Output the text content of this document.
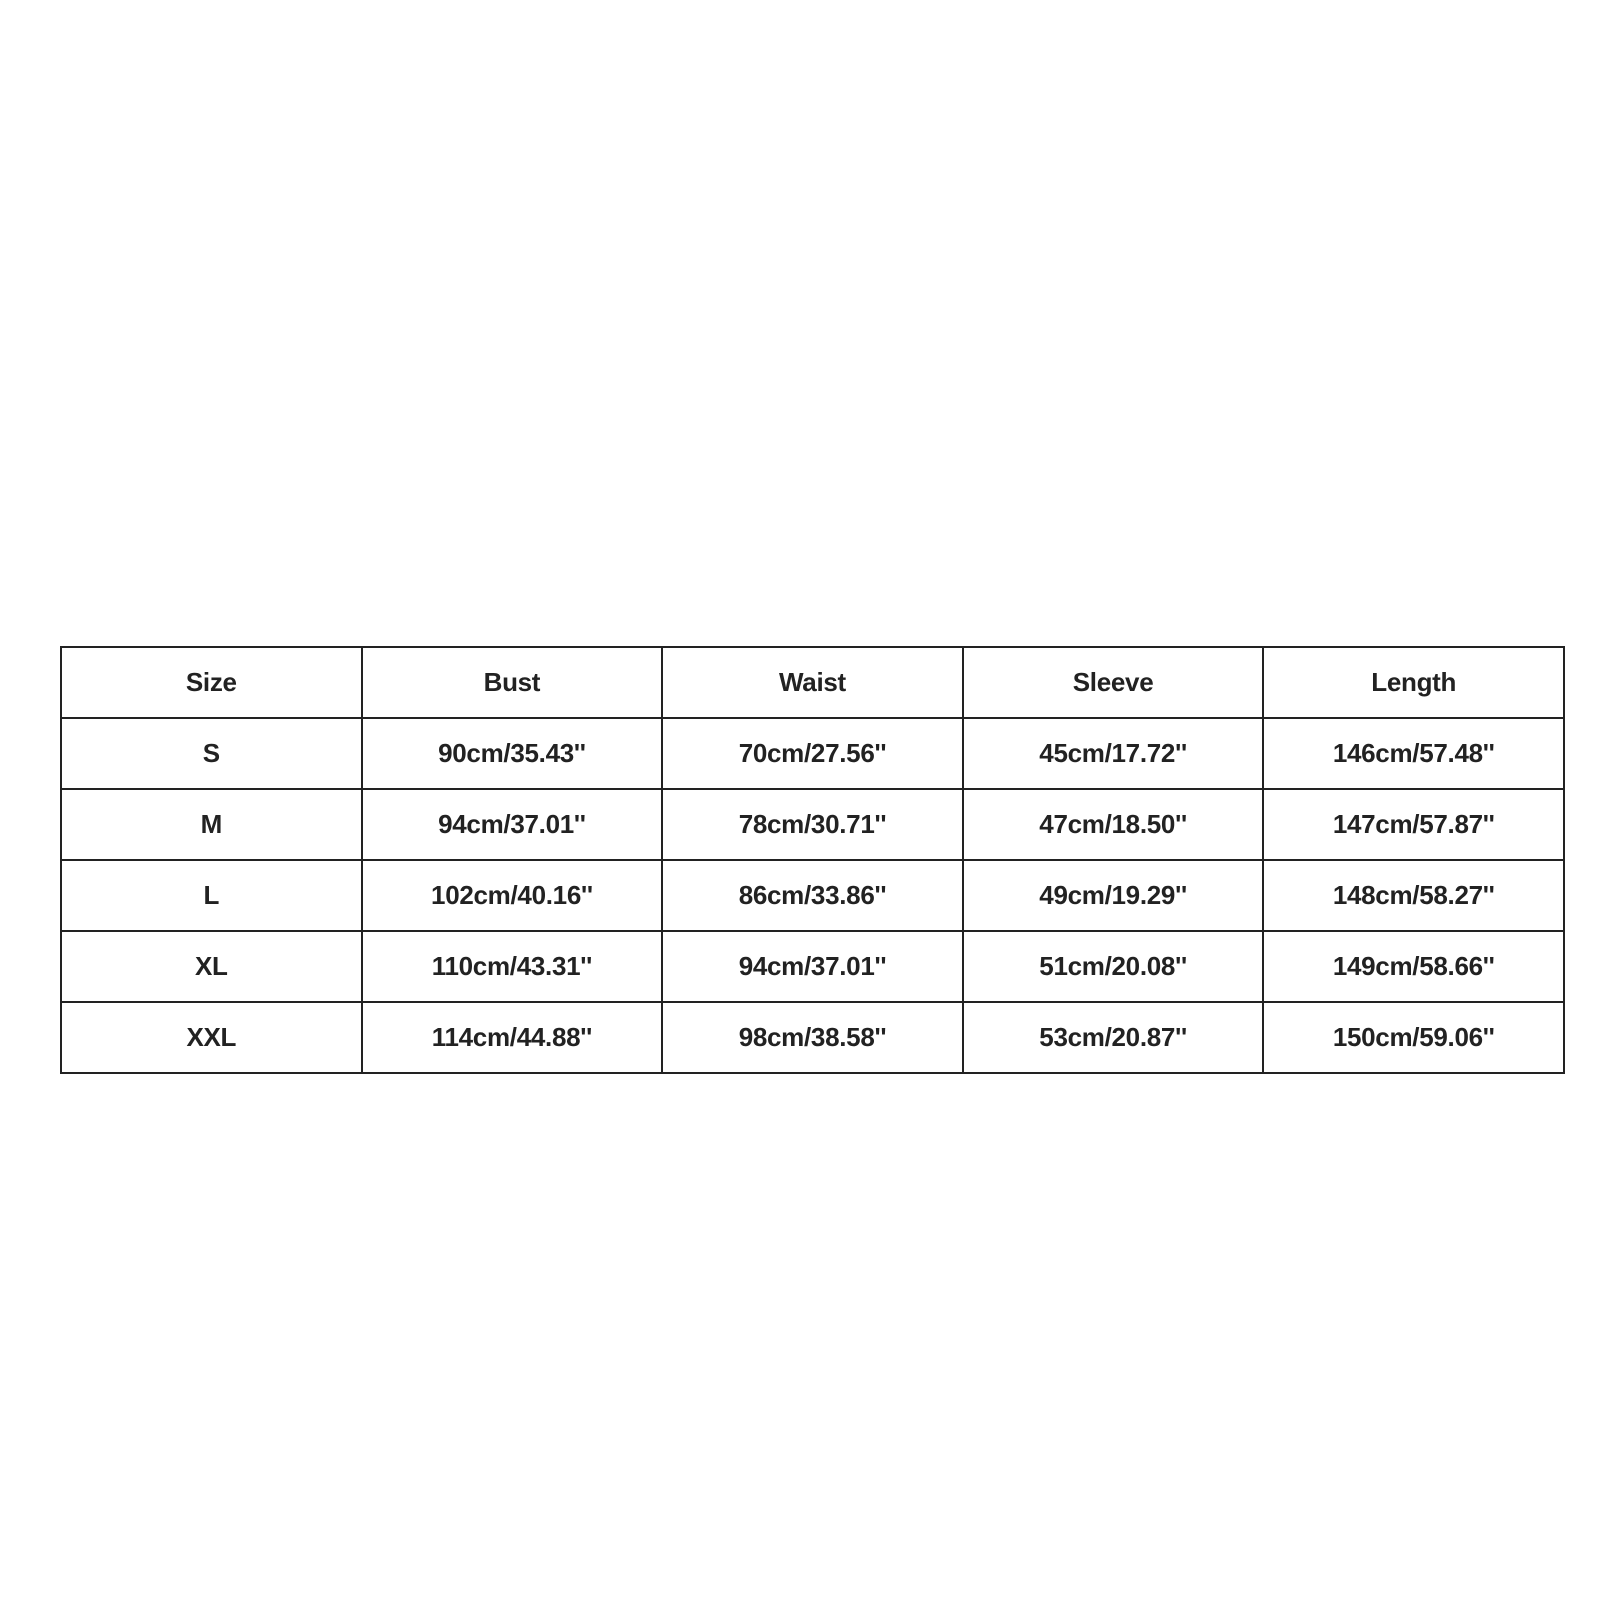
Size	Bust	Waist	Sleeve	Length
S	90cm/35.43''	70cm/27.56''	45cm/17.72''	146cm/57.48''
M	94cm/37.01''	78cm/30.71''	47cm/18.50''	147cm/57.87''
L	102cm/40.16''	86cm/33.86''	49cm/19.29''	148cm/58.27''
XL	110cm/43.31''	94cm/37.01''	51cm/20.08''	149cm/58.66''
XXL	114cm/44.88''	98cm/38.58''	53cm/20.87''	150cm/59.06''
